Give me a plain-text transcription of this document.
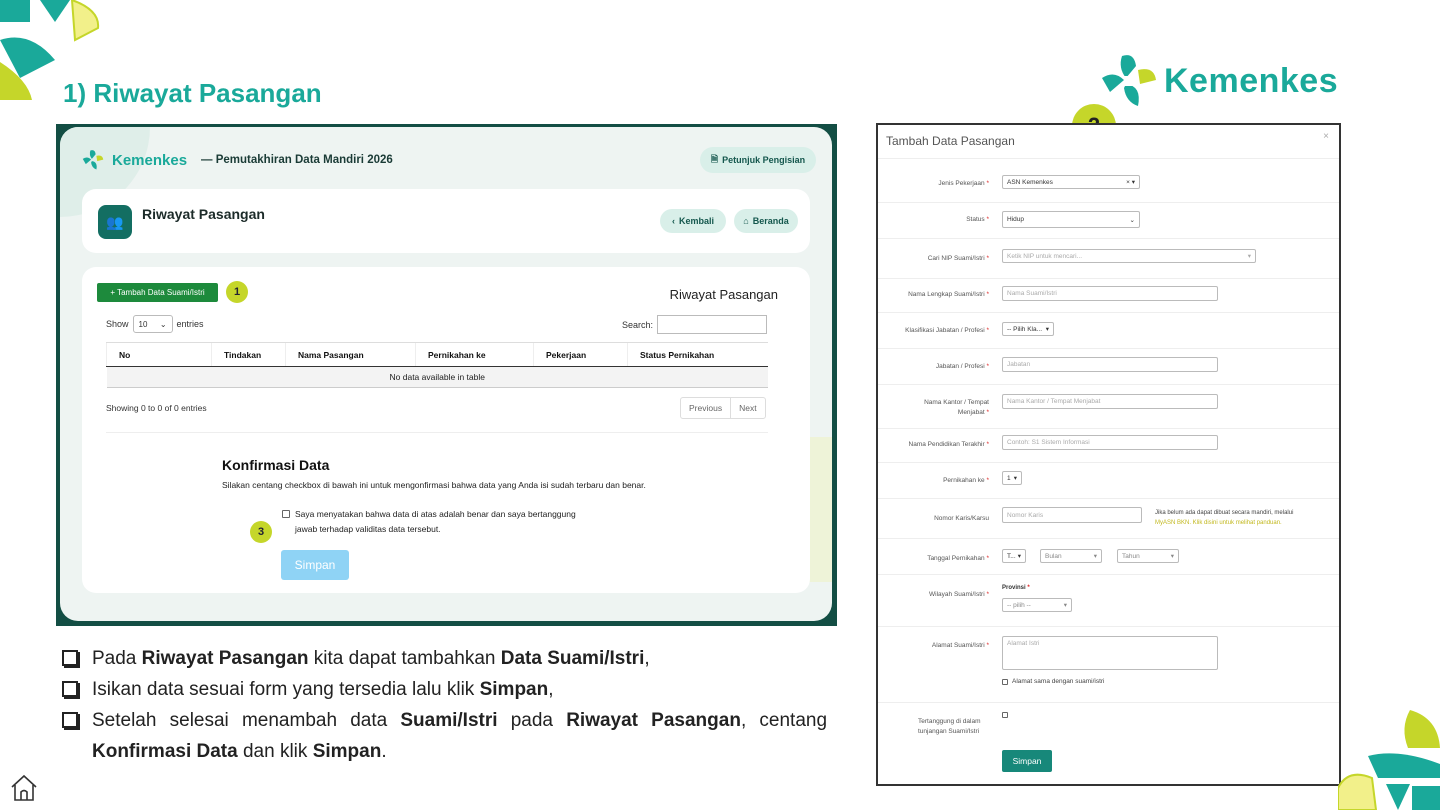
1) Riwayat Pasangan	Kemenkes
Kemenkes — Pemutakhiran Data Mandiri 2026	🗎 Petunjuk Pengisian
👥	Riwayat Pasangan	‹ Kembali	⌂ Beranda
+ Tambah Data Suami/Istri	1	Riwayat Pasangan
Show 10 ⌄ entries	Search:
No	Tindakan	Nama Pasangan	Pernikahan ke	Pekerjaan	Status Pernikahan
No data available in table
Showing 0 to 0 of 0 entries	Previous	Next
Konfirmasi Data
Silakan centang checkbox di bawah ini untuk mengonfirmasi bahwa data yang Anda isi sudah terbaru dan benar.
Saya menyatakan bahwa data di atas adalah benar dan saya bertanggung jawab terhadap validitas data tersebut.
3
Simpan
Pada Riwayat Pasangan kita dapat tambahkan Data Suami/Istri,
Isikan data sesuai form yang tersedia lalu klik Simpan,
Setelah selesai menambah data Suami/Istri pada Riwayat Pasangan, centang Konfirmasi Data dan klik Simpan.
Tambah Data Pasangan	×
Jenis Pekerjaan *	ASN Kemenkes	× ▾
Status *	Hidup	⌄
Cari NIP Suami/Istri *	Ketik NIP untuk mencari...	▾
Nama Lengkap Suami/Istri *	Nama Suami/Istri
Klasifikasi Jabatan / Profesi *	-- Pilih Kla... ▾
Jabatan / Profesi *	Jabatan
Nama Kantor / Tempat Menjabat *
Nama Kantor / Tempat Menjabat
Nama Pendidikan Terakhir *	Contoh: S1 Sistem Informasi
Pernikahan ke *	1 ▾
Nomor Karis/Karsu	Nomor Karis	Jika belum ada dapat dibuat secara mandiri, melalui
MyASN BKN. Klik disini untuk melihat panduan.
Tanggal Pernikahan *	T... ▾	Bulan	▾	Tahun	▾
Wilayah Suami/Istri *
Provinsi *
-- pilih --	▾
Alamat Suami/Istri *	Alamat Istri
Alamat sama dengan suami/istri
Tertanggung di dalam tunjangan Suami/Istri
Simpan
